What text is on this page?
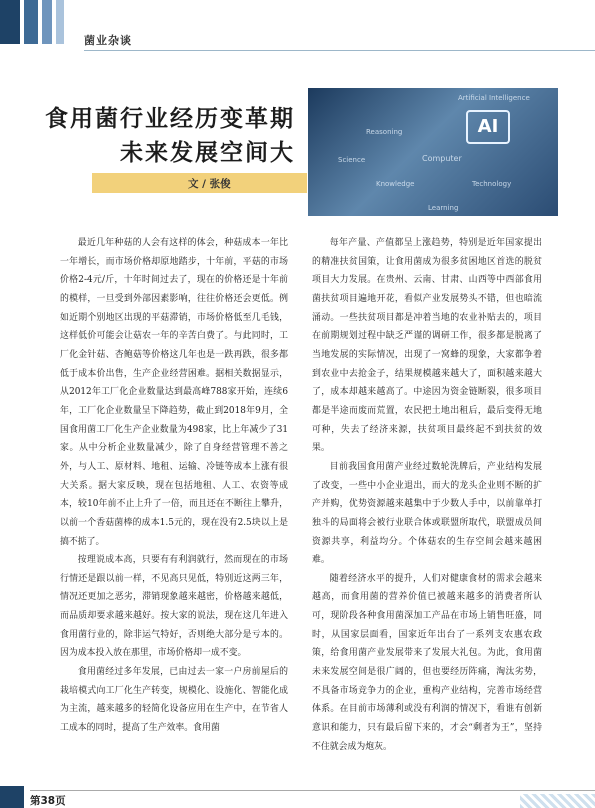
菌业杂谈
食用菌行业经历变革期
未来发展空间大
文 / 张俊
Artificial Intelligence
Reasoning	AI
Computer
Science
Knowledge	Technology
Learning

最近几年种菇的人会有这样的体会，种菇成本一年比一年增长，而市场价格却原地踏步，十年前，平菇的市场价格2-4元/斤，十年时间过去了，现在的价格还是十年前的模样，一旦受到外部因素影响，往往价格还会更低。例如近期个别地区出现的平菇滞销，市场价格低至几毛钱，这样低价可能会让菇农一年的辛苦白费了。与此同时，工厂化金针菇、杏鲍菇等价格这几年也是一跌再跌，很多都低于成本价出售，生产企业经营困难。据相关数据显示，从2012年工厂化企业数量达到最高峰788家开始，连续6年，工厂化企业数量呈下降趋势，截止到2018年9月，全国食用菌工厂化生产企业数量为498家，比上年减少了31家。从中分析企业数量减少，除了自身经营管理不善之外，与人工、原材料、地租、运输、冷链等成本上涨有很大关系。据大家反映，现在包括地租、人工、农资等成本，较10年前不止上升了一倍，而且还在不断往上攀升，以前一个香菇菌棒的成本1.5元的，现在没有2.5块以上是搞不掂了。

按理说成本高，只要有有利润就行，然而现在的市场行情还是跟以前一样，不见高只见低，特别近这两三年，情况还更加之恶劣，滞销现象越来越密，价格越来越低，而品质却要求越来越好。按大家的说法，现在这几年进入食用菌行业的，除非运气特好，否则绝大部分是亏本的。因为成本投入放在那里，市场价格却一成不变。

食用菌经过多年发展，已由过去一家一户房前屋后的栽培模式向工厂化生产转变，规模化、设施化、智能化成为主流，越来越多的轻简化设备应用在生产中，在节省人工成本的同时，提高了生产效率。食用菌

每年产量、产值都呈上涨趋势，特别是近年国家提出的精准扶贫国策，让食用菌成为很多贫困地区首选的脱贫项目大力发展。在贵州、云南、甘肃、山西等中西部食用菌扶贫项目遍地开花，看似产业发展势头不错，但也暗流涌动。一些扶贫项目都是冲着当地的农业补贴去的，项目在前期规划过程中缺乏严谨的调研工作，很多都是脱离了当地发展的实际情况，出现了一窝蜂的现象，大家都争着到农业中去抢金子，结果规模越来越大了，面积越来越大了，成本却越来越高了。中途因为资金链断裂，很多项目都是半途而废而荒置，农民把土地出租后，最后变得无地可种，失去了经济来源，扶贫项目最终起不到扶贫的效果。

目前我国食用菌产业经过数轮洗牌后，产业结构发展了改变，一些中小企业退出，而大的龙头企业则不断的扩产并购，优势资源越来越集中于少数人手中，以前靠单打独斗的局面将会被行业联合体或联盟所取代，联盟成员间资源共享，利益均分。个体菇农的生存空间会越来越困难。

随着经济水平的提升，人们对健康食材的需求会越来越高，而食用菌的营养价值已被越来越多的消费者所认可，现阶段各种食用菌深加工产品在市场上销售旺盛，同时，从国家层面看，国家近年出台了一系列支农惠农政策，给食用菌产业发展带来了发展大礼包。为此，食用菌未来发展空间是很广阔的，但也要经历阵痛，淘汰劣势，不具备市场竞争力的企业，重构产业结构，完善市场经营体系。在目前市场薄利或没有利润的情况下，看谁有创新意识和能力，只有最后留下来的，才会“剩者为王”，坚持不住就会成为炮灰。

第38页
